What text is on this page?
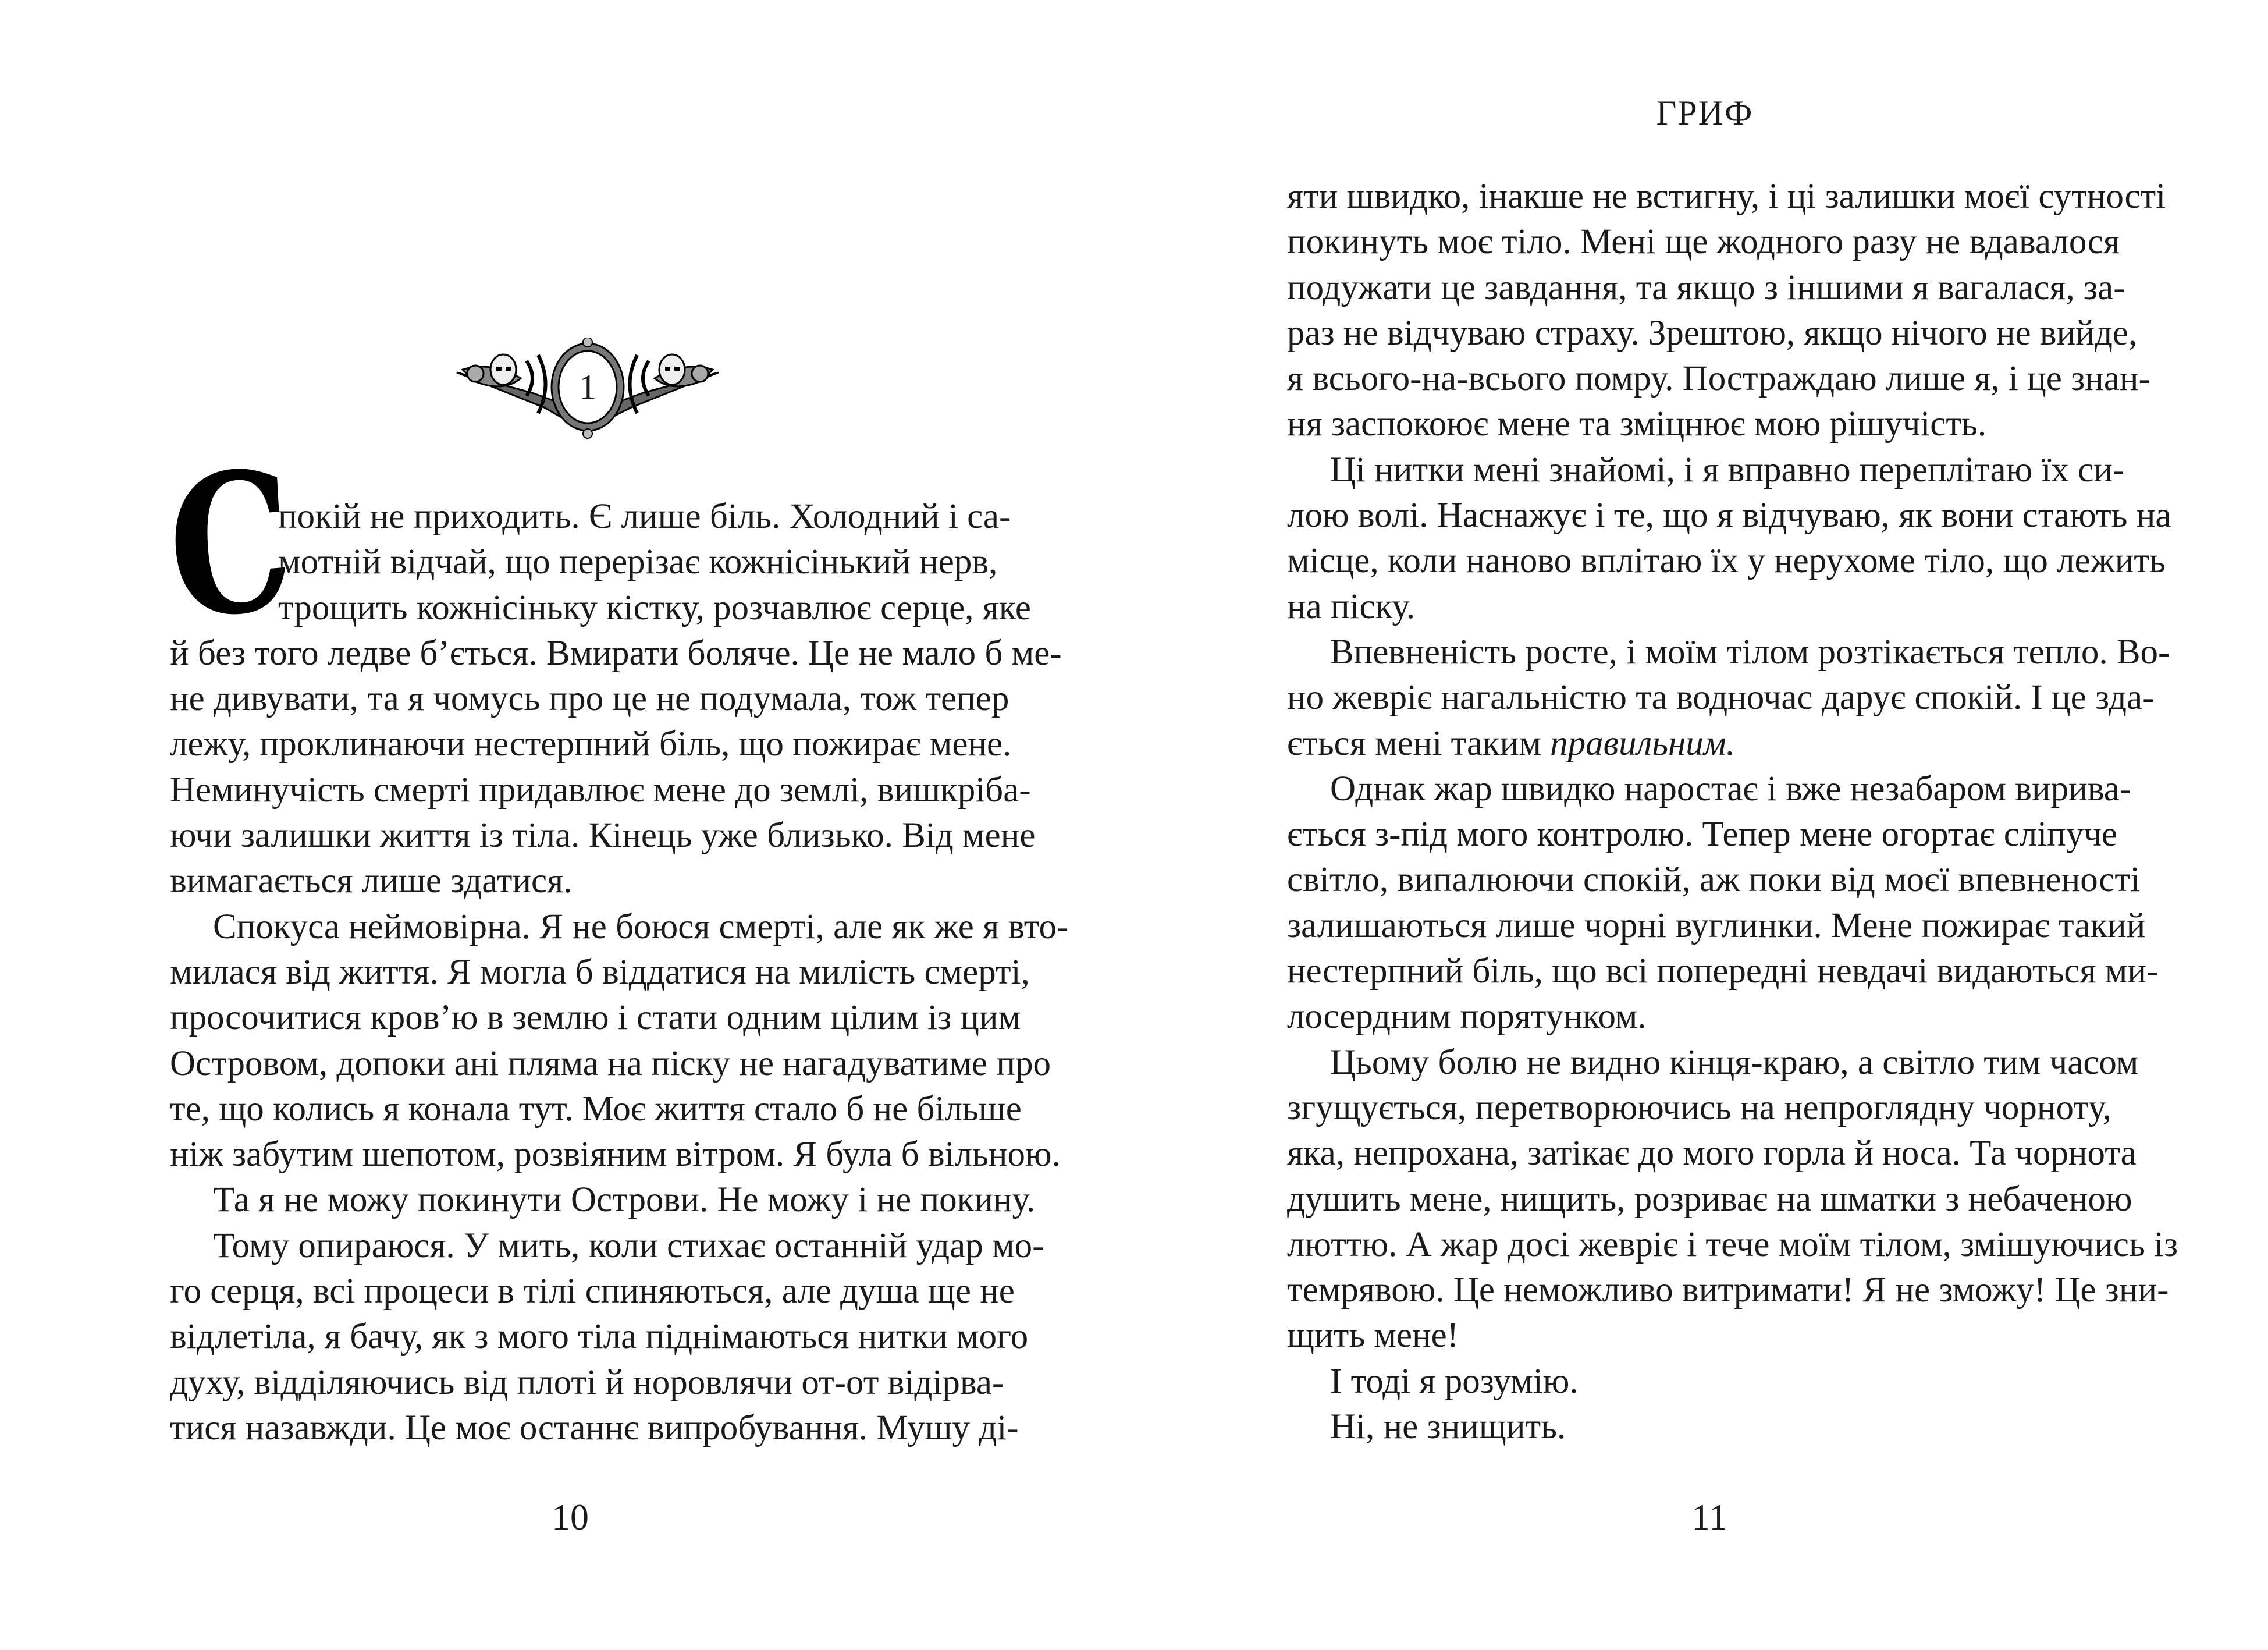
1
С
покій не приходить. Є лише біль. Холодний і са-
мотній відчай, що перерізає кожнісінький нерв,
трощить кожнісіньку кістку, розчавлює серце, яке
й без того ледве б’ється. Вмирати боляче. Це не мало б ме-
не дивувати, та я чомусь про це не подумала, тож тепер
лежу, проклинаючи нестерпний біль, що пожирає мене.
Неминучість смерті придавлює мене до землі, вишкріба-
ючи залишки життя із тіла. Кінець уже близько. Від мене
вимагається лише здатися.
Спокуса неймовірна. Я не боюся смерті, але як же я вто-
милася від життя. Я могла б віддатися на милість смерті,
просочитися кров’ю в землю і стати одним цілим із цим
Островом, допоки ані пляма на піску не нагадуватиме про
те, що колись я конала тут. Моє життя стало б не більше
ніж забутим шепотом, розвіяним вітром. Я була б вільною.
Та я не можу покинути Острови. Не можу і не покину.
Тому опираюся. У мить, коли стихає останній удар мо-
го серця, всі процеси в тілі спиняються, але душа ще не
відлетіла, я бачу, як з мого тіла піднімаються нитки мого
духу, відділяючись від плоті й норовлячи от-от відірва-
тися назавжди. Це моє останнє випробування. Мушу ді-
10	11
ГРИФ
яти швидко, інакше не встигну, і ці залишки моєї сутності
покинуть моє тіло. Мені ще жодного разу не вдавалося
подужати це завдання, та якщо з іншими я вагалася, за-
раз не відчуваю страху. Зрештою, якщо нічого не вийде,
я всього-на-всього помру. Постраждаю лише я, і це знан-
ня заспокоює мене та зміцнює мою рішучість.
Ці нитки мені знайомі, і я вправно переплітаю їх си-
лою волі. Наснажує і те, що я відчуваю, як вони стають на
місце, коли наново вплітаю їх у нерухоме тіло, що лежить
на піску.
Впевненість росте, і моїм тілом розтікається тепло. Во-
но жевріє нагальністю та водночас дарує спокій. І це зда-
ється мені таким правильним.
Однак жар швидко наростає і вже незабаром вирива-
ється з-під мого контролю. Тепер мене огортає сліпуче
світло, випалюючи спокій, аж поки від моєї впевненості
залишаються лише чорні вуглинки. Мене пожирає такий
нестерпний біль, що всі попередні невдачі видаються ми-
лосердним порятунком.
Цьому болю не видно кінця-краю, а світло тим часом
згущується, перетворюючись на непроглядну чорноту,
яка, непрохана, затікає до мого горла й носа. Та чорнота
душить мене, нищить, розриває на шматки з небаченою
люттю. А жар досі жевріє і тече моїм тілом, змішуючись із
темрявою. Це неможливо витримати! Я не зможу! Це зни-
щить мене!
І тоді я розумію.
Ні, не знищить.
